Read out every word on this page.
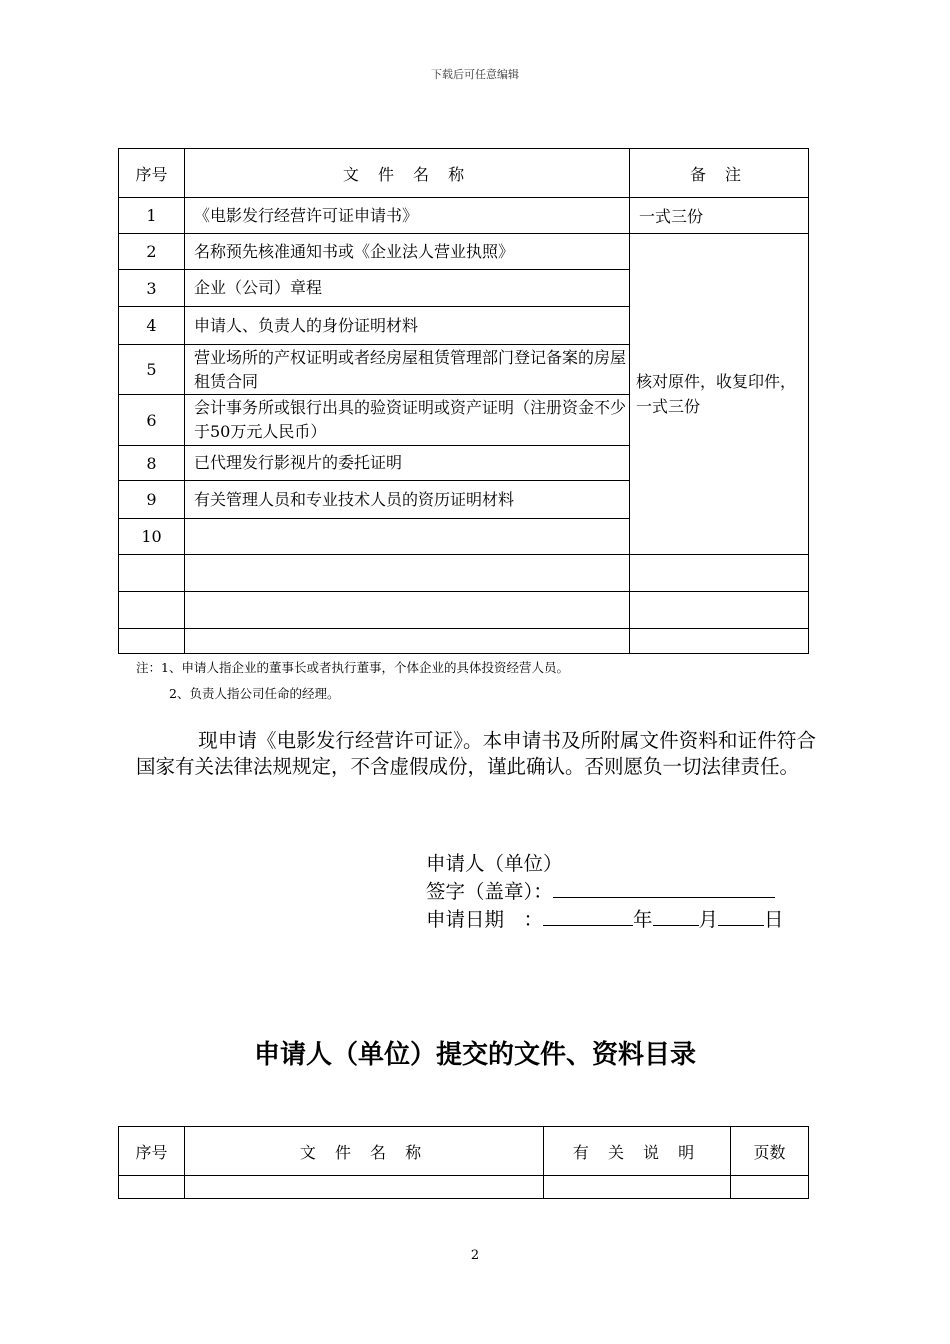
下载后可任意编辑
序号	文 件 名 称	备 注
1	《电影发行经营许可证申请书》	一式三份
2	名称预先核准通知书或《企业法人营业执照》	核对原件，收复印件，一式三份
3	企业（公司）章程	
4	申请人、负责人的身份证明材料	
5	营业场所的产权证明或者经房屋租赁管理部门登记备案的房屋租赁合同	
6	会计事务所或银行出具的验资证明或资产证明（注册资金不少于50万元人民币）	
8	已代理发行影视片的委托证明	
9	有关管理人员和专业技术人员的资历证明材料	
10		

注：1、申请人指企业的董事长或者执行董事，个体企业的具体投资经营人员。
2、负责人指公司任命的经理。
现申请《电影发行经营许可证》。本申请书及所附属文件资料和证件符合国家有关法律法规规定，不含虚假成份，谨此确认。否则愿负一切法律责任。
申请人（单位）
签字（盖章）：
申请日期　：	年 月 日
申请人（单位）提交的文件、资料目录
序号	文 件 名 称	有 关 说 明	页数

2
